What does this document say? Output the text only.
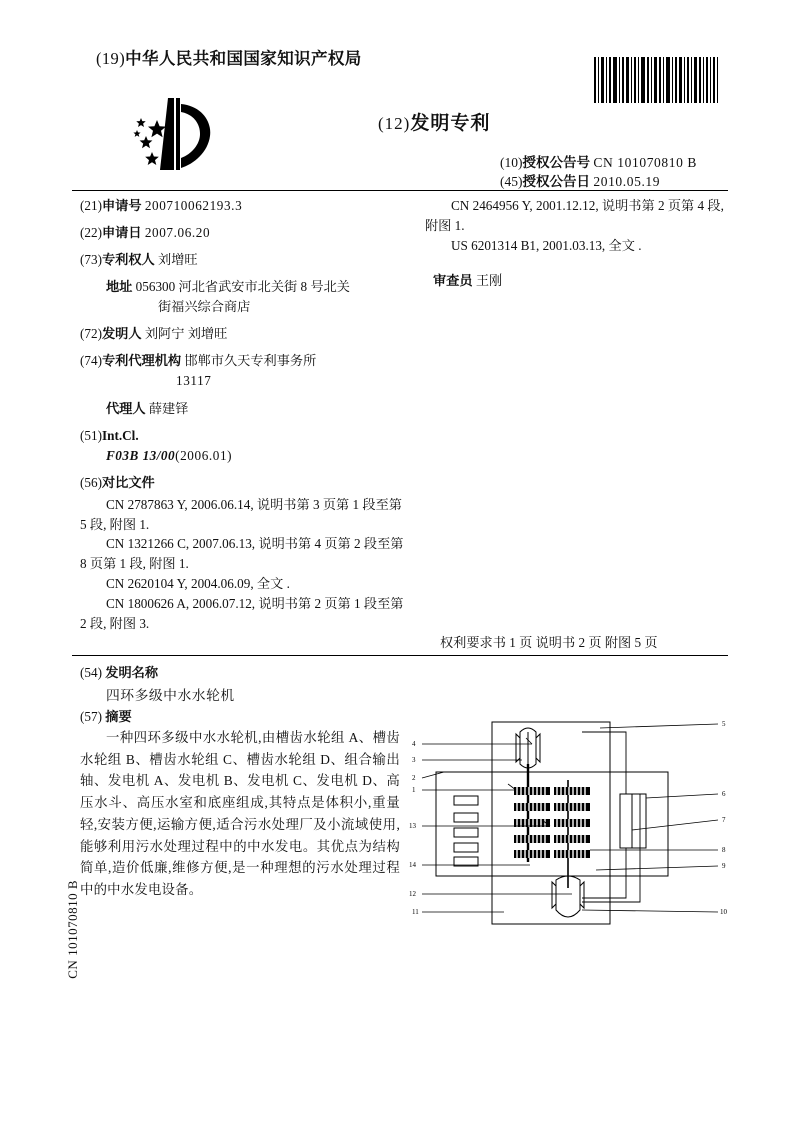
CN 101070810 B
(19)中华人民共和国国家知识产权局
(12)发明专利
(10)授权公告号 CN 101070810 B
(45)授权公告日 2010.05.19
(21)申请号 200710062193.3
(22)申请日 2007.06.20
(73)专利权人 刘增旺
地址 056300 河北省武安市北关街 8 号北关
街福兴综合商店
(72)发明人 刘阿宁 刘增旺
(74)专利代理机构 邯郸市久天专利事务所
13117
代理人 薛建铎
(51)Int.Cl.
F03B 13/00(2006.01)
(56)对比文件

CN 2787863 Y, 2006.06.14, 说明书第 3 页第 1 段至第 5 段, 附图 1.

CN 1321266 C, 2007.06.13, 说明书第 4 页第 2 段至第 8 页第 1 段, 附图 1.

CN 2620104 Y, 2004.06.09, 全文 .

CN 1800626 A, 2006.07.12, 说明书第 2 页第 1 段至第 2 段, 附图 3.

CN 2464956 Y, 2001.12.12, 说明书第 2 页第 4 段, 附图 1.

US 6201314 B1, 2001.03.13, 全文 .

审查员 王刚
权利要求书 1 页 说明书 2 页 附图 5 页
(54) 发明名称
四环多级中水水轮机
(57) 摘要
一种四环多级中水水轮机,由槽齿水轮组 A、槽齿水轮组 B、槽齿水轮组 C、槽齿水轮组 D、组合输出轴、发电机 A、发电机 B、发电机 C、发电机 D、高压水斗、高压水室和底座组成,其特点是体积小,重量轻,安装方便,运输方便,适合污水处理厂及小流域使用,能够利用污水处理过程中的中水发电。其优点为结构简单,造价低廉,维修方便,是一种理想的污水处理过程中的中水发电设备。
4
3
2
1
13
14
12
11
5
6
7
8
9
10
